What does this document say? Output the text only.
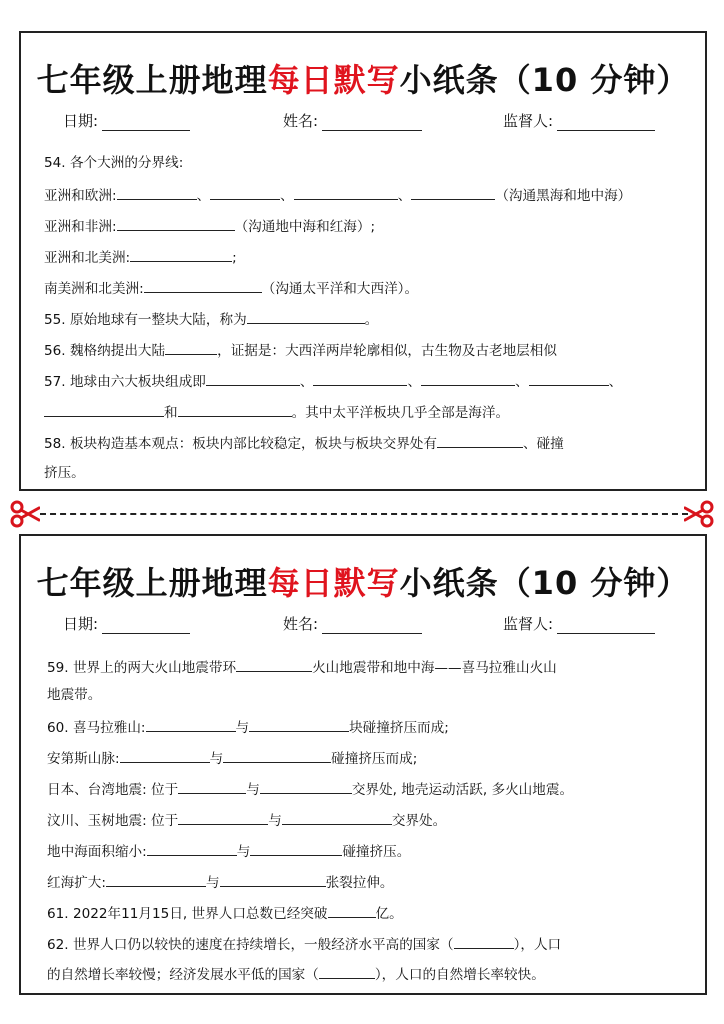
七年级上册地理每日默写小纸条（10 分钟）
日期:	姓名:	监督人:
54. 各个大洲的分界线:
亚洲和欧洲:	、	、	、	（沟通黑海和地中海）
亚洲和非洲:	（沟通地中海和红海）;
亚洲和北美洲:	;
南美洲和北美洲:	（沟通太平洋和大西洋）。
55. 原始地球有一整块大陆，称为	。
56. 魏格纳提出大陆	，证据是：大西洋两岸轮廓相似，古生物及古老地层相似
57. 地球由六大板块组成即	、	、	、	、
和	。其中太平洋板块几乎全部是海洋。
58. 板块构造基本观点：板块内部比较稳定，板块与板块交界处有	、碰撞
挤压。
七年级上册地理每日默写小纸条（10 分钟）
日期:	姓名:	监督人:
59. 世界上的两大火山地震带环	火山地震带和地中海——喜马拉雅山火山
地震带。
60. 喜马拉雅山:	与	块碰撞挤压而成;
安第斯山脉:	与	碰撞挤压而成;
日本、台湾地震: 位于	与	交界处, 地壳运动活跃, 多火山地震。
汶川、玉树地震: 位于	与	交界处。
地中海面积缩小:	与	碰撞挤压。
红海扩大:	与	张裂拉伸。
61. 2022年11月15日, 世界人口总数已经突破	亿。
62. 世界人口仍以较快的速度在持续增长，一般经济水平高的国家（	），人口
的自然增长率较慢；经济发展水平低的国家（	），人口的自然增长率较快。
